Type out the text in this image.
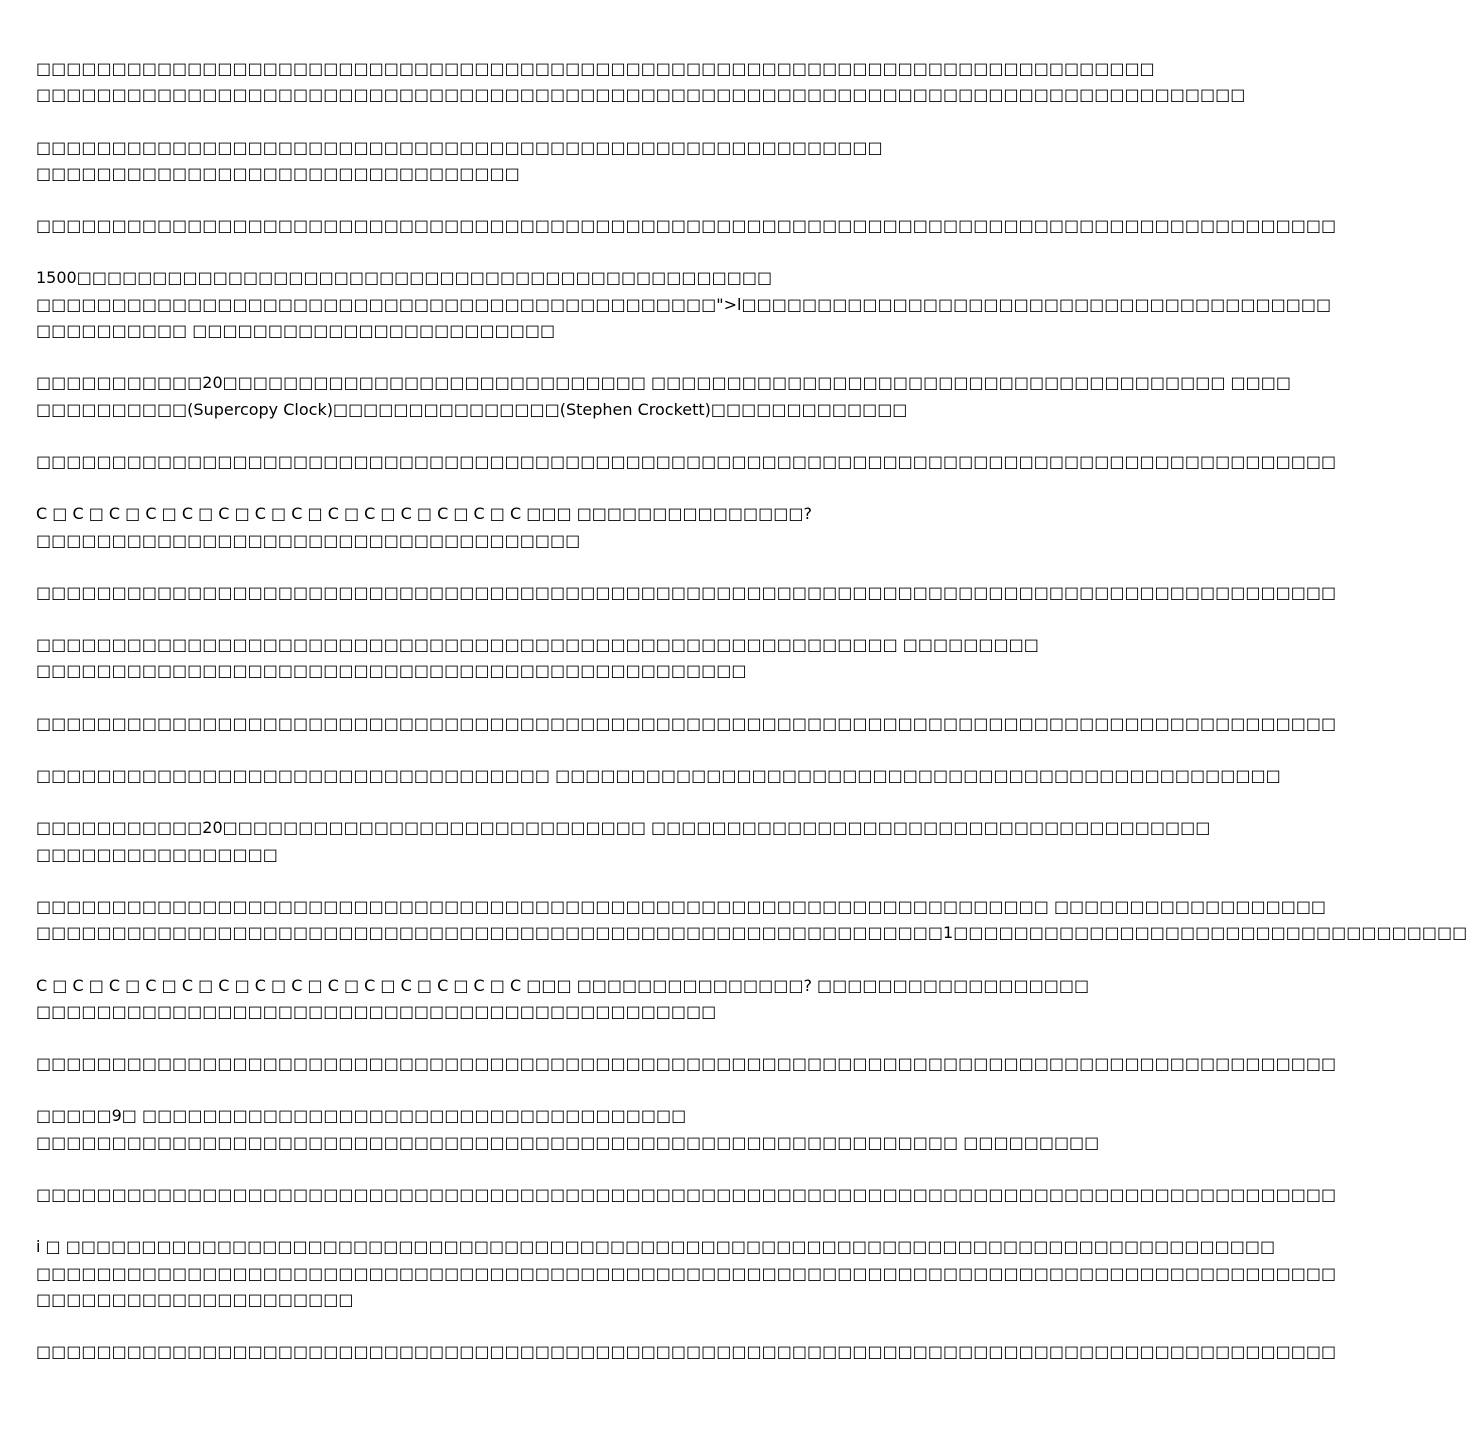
□□□□□□□□□□□□□□□□□□□□□□□□□□□□□□□□□□□□□□□□□□□□□□□□□□□□□□□□□□□□□□□□□□□□□□□□□□
□□□□□□□□□□□□□□□□□□□□□□□□□□□□□□□□□□□□□□□□□□□□□□□□□□□□□□□□□□□□□□□□□□□□□□□□□□□□□□□□
□□□□□□□□□□□□□□□□□□□□□□□□□□□□□□□□□□□□□□□□□□□□□□□□□□□□□□□□
□□□□□□□□□□□□□□□□□□□□□□□□□□□□□□□□
□□□□□□□□□□□□□□□□□□□□□□□□□□□□□□□□□□□□□□□□□□□□□□□□□□□□□□□□□□□□□□□□□□□□□□□□□□□□□□□□□□□□□□
1500□□□□□□□□□□□□□□□□□□□□□□□□□□□□□□□□□□□□□□□□□□□□□□
□□□□□□□□□□□□□□□□□□□□□□□□□□□□□□□□□□□□□□□□□□□□□">l□□□□□□□□□□□□□□□□□□□□□□□□□□□□□□□□□□□□□□□
□□□□□□□□□□ □□□□□□□□□□□□□□□□□□□□□□□□
□□□□□□□□□□□20□□□□□□□□□□□□□□□□□□□□□□□□□□□□ □□□□□□□□□□□□□□□□□□□□□□□□□□□□□□□□□□□□□□ □□□□
□□□□□□□□□□(Supercopy Clock)□□□□□□□□□□□□□□□(Stephen Crockett)□□□□□□□□□□□□□
□□□□□□□□□□□□□□□□□□□□□□□□□□□□□□□□□□□□□□□□□□□□□□□□□□□□□□□□□□□□□□□□□□□□□□□□□□□□□□□□□□□□□□
C □ C □ C □ C □ C □ C □ C □ C □ C □ C □ C □ C □ C □ C □□□ □□□□□□□□□□□□□□□?
□□□□□□□□□□□□□□□□□□□□□□□□□□□□□□□□□□□□
□□□□□□□□□□□□□□□□□□□□□□□□□□□□□□□□□□□□□□□□□□□□□□□□□□□□□□□□□□□□□□□□□□□□□□□□□□□□□□□□□□□□□□
□□□□□□□□□□□□□□□□□□□□□□□□□□□□□□□□□□□□□□□□□□□□□□□□□□□□□□□□□ □□□□□□□□□
□□□□□□□□□□□□□□□□□□□□□□□□□□□□□□□□□□□□□□□□□□□□□□□
□□□□□□□□□□□□□□□□□□□□□□□□□□□□□□□□□□□□□□□□□□□□□□□□□□□□□□□□□□□□□□□□□□□□□□□□□□□□□□□□□□□□□□
□□□□□□□□□□□□□□□□□□□□□□□□□□□□□□□□□□ □□□□□□□□□□□□□□□□□□□□□□□□□□□□□□□□□□□□□□□□□□□□□□□□
□□□□□□□□□□□20□□□□□□□□□□□□□□□□□□□□□□□□□□□□ □□□□□□□□□□□□□□□□□□□□□□□□□□□□□□□□□□□□□
□□□□□□□□□□□□□□□□
□□□□□□□□□□□□□□□□□□□□□□□□□□□□□□□□□□□□□□□□□□□□□□□□□□□□□□□□□□□□□□□□□□□ □□□□□□□□□□□□□□□□□□
□□□□□□□□□□□□□□□□□□□□□□□□□□□□□□□□□□□□□□□□□□□□□□□□□□□□□□□□□□□□1□□□□□□□□□□□□□□□□□□□□□□□□□□□□□□□□□□
C □ C □ C □ C □ C □ C □ C □ C □ C □ C □ C □ C □ C □ C □□□ □□□□□□□□□□□□□□□? □□□□□□□□□□□□□□□□□□
□□□□□□□□□□□□□□□□□□□□□□□□□□□□□□□□□□□□□□□□□□□□□
□□□□□□□□□□□□□□□□□□□□□□□□□□□□□□□□□□□□□□□□□□□□□□□□□□□□□□□□□□□□□□□□□□□□□□□□□□□□□□□□□□□□□□
□□□□□9□ □□□□□□□□□□□□□□□□□□□□□□□□□□□□□□□□□□□□
□□□□□□□□□□□□□□□□□□□□□□□□□□□□□□□□□□□□□□□□□□□□□□□□□□□□□□□□□□□□□ □□□□□□□□□
□□□□□□□□□□□□□□□□□□□□□□□□□□□□□□□□□□□□□□□□□□□□□□□□□□□□□□□□□□□□□□□□□□□□□□□□□□□□□□□□□□□□□□
i □ □□□□□□□□□□□□□□□□□□□□□□□□□□□□□□□□□□□□□□□□□□□□□□□□□□□□□□□□□□□□□□□□□□□□□□□□□□□□□□□□
□□□□□□□□□□□□□□□□□□□□□□□□□□□□□□□□□□□□□□□□□□□□□□□□□□□□□□□□□□□□□□□□□□□□□□□□□□□□□□□□□□□□□□
□□□□□□□□□□□□□□□□□□□□□
□□□□□□□□□□□□□□□□□□□□□□□□□□□□□□□□□□□□□□□□□□□□□□□□□□□□□□□□□□□□□□□□□□□□□□□□□□□□□□□□□□□□□□
